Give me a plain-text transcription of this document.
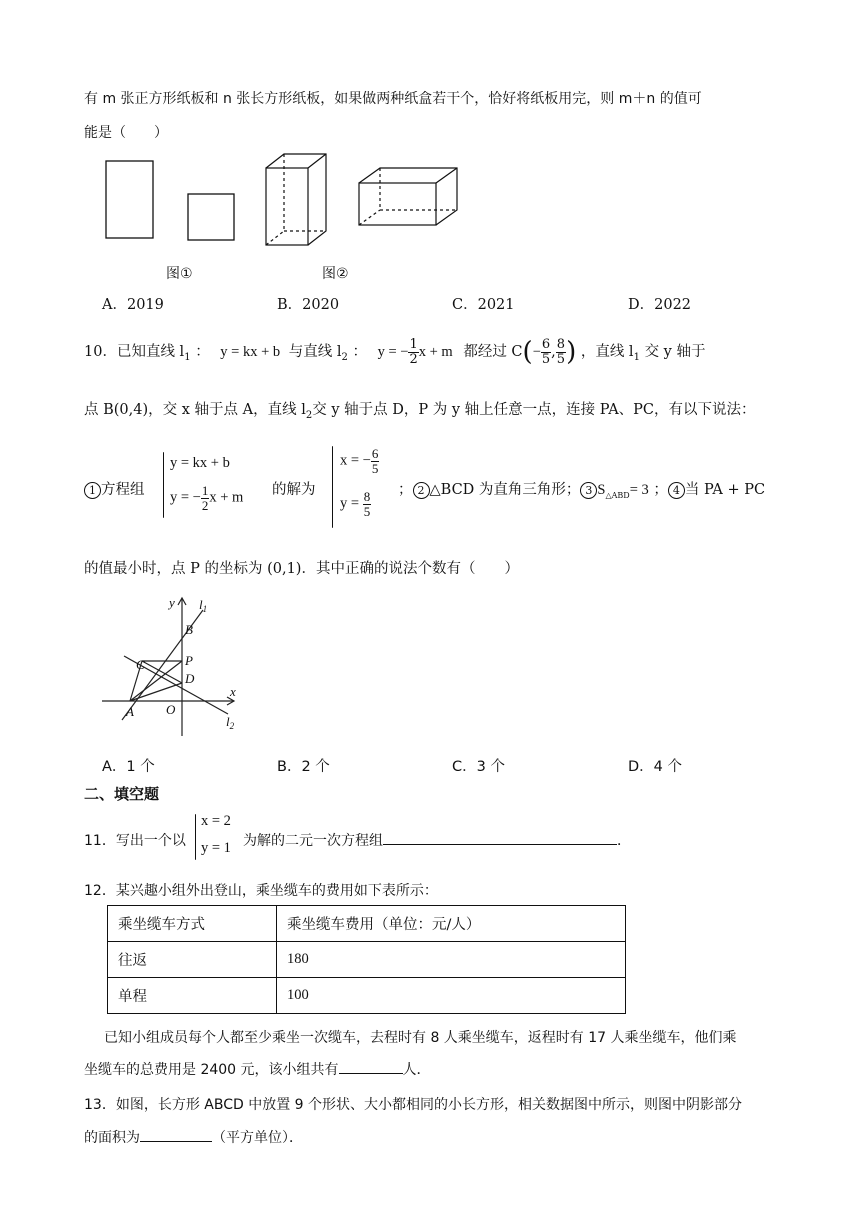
有 m 张正方形纸板和 n 张长方形纸板，如果做两种纸盒若干个，恰好将纸板用完，则 m＋n 的值可
能是（　　）
图①	图②
A．2019	B．2020	C．2021	D．2022
10．已知直线 $l_1$ ： y = kx + b 与直线 $l_2$ ： y = − $\frac{1}{2}$ x + m 都经过 $C(- \frac{6}{5}$ , $\frac{8}{5}$ ) ，直线 $l_1$ 交 y 轴于
点 B(0,4)，交 x 轴于点 A，直线 $l_2$交 y 轴于点 D，P 为 y 轴上任意一点，连接 PA、PC，有以下说法：
1 方程组
y = kx + b
y = − $\frac{1}{2}$ x + m 的解为
x = − $\frac{6}{5}$
$y = \frac{8}{5}$ ； 2 △BCD 为直角三角形； 3 $S_{\triangle ABD}= 3$ ； 4 当 PA + PC
的值最小时，点 P 的坐标为 (0,1)．其中正确的说法个数有（　　）
y $l_1$
B
C	P
D
A O
x
$l_2$
A．1 个	B．2 个	C．3 个	D．4 个
二、填空题
11．写出一个以
x = 2
y = 1 为解的二元一次方程组	．
12．某兴趣小组外出登山，乘坐缆车的费用如下表所示：
乘坐缆车方式	乘坐缆车费用（单位：元/人）
往返	180
单程	100
已知小组成员每个人都至少乘坐一次缆车，去程时有 8 人乘坐缆车，返程时有 17 人乘坐缆车，他们乘
坐缆车的总费用是 2400 元，该小组共有	人．
13．如图，长方形 ABCD 中放置 9 个形状、大小都相同的小长方形，相关数据图中所示，则图中阴影部分
的面积为	（平方单位）．
